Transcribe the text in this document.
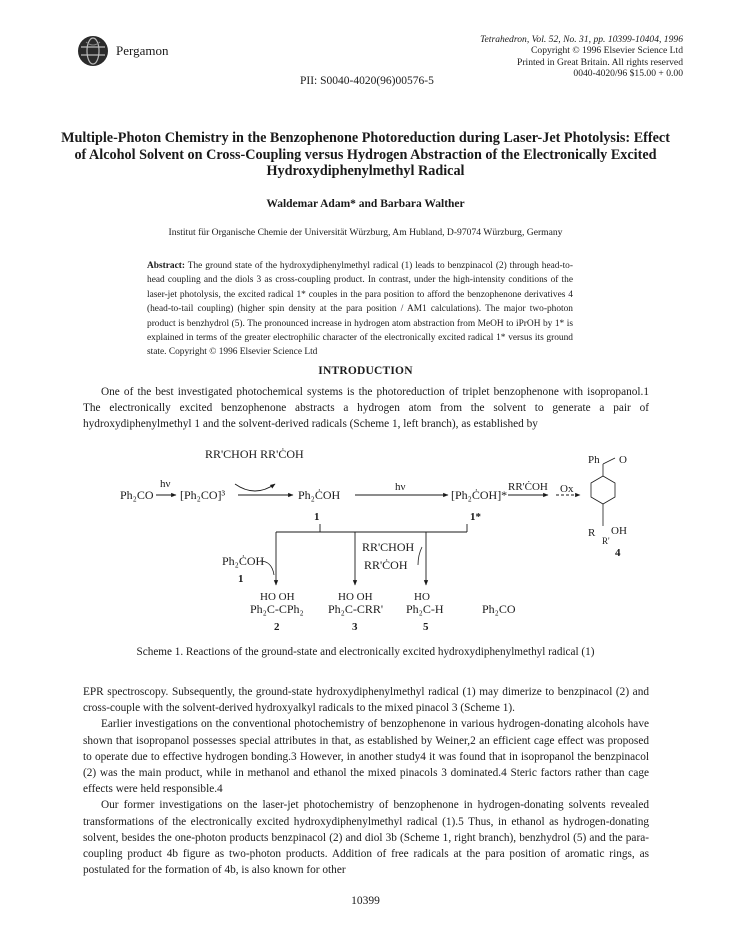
Pergamon
Tetrahedron, Vol. 52, No. 31, pp. 10399-10404, 1996
Copyright © 1996 Elsevier Science Ltd
Printed in Great Britain. All rights reserved
0040-4020/96 $15.00 + 0.00
PII: S0040-4020(96)00576-5
Multiple-Photon Chemistry in the Benzophenone Photoreduction during Laser-Jet Photolysis: Effect of Alcohol Solvent on Cross-Coupling versus Hydrogen Abstraction of the Electronically Excited Hydroxydiphenylmethyl Radical
Waldemar Adam* and Barbara Walther
Institut für Organische Chemie der Universität Würzburg, Am Hubland, D-97074 Würzburg, Germany
Abstract: The ground state of the hydroxydiphenylmethyl radical (1) leads to benzpinacol (2) through head-to-head coupling and the diols 3 as cross-coupling product. In contrast, under the high-intensity conditions of the laser-jet photolysis, the excited radical 1* couples in the para position to afford the benzophenone derivatives 4 (head-to-tail coupling) (higher spin density at the para position / AM1 calculations). The major two-photon product is benzhydrol (5). The pronounced increase in hydrogen atom abstraction from MeOH to iPrOH by 1* is explained in terms of the greater electrophilic character of the electronically excited radical 1* versus its ground state. Copyright © 1996 Elsevier Science Ltd
INTRODUCTION

One of the best investigated photochemical systems is the photoreduction of triplet benzophenone with isopropanol.1 The electronically excited benzophenone abstracts a hydrogen atom from the solvent to generate a pair of hydroxydiphenylmethyl 1 and the solvent-derived radicals (Scheme 1, left branch), as established by

RR'CHOH RR'ĊOH
Ph₂CO
hν
[Ph₂CO]³	Ph₂ĊOH
1
hν
[Ph₂ĊOH]*
1*
RR'ĊOH Ox
Ph O
R
R'
OH
4
Ph₂ĊOH
1
RR'CHOH
RR'ĊOH
HO OH
Ph₂C-CPh₂
2
HO OH
Ph₂C-CRR'
3
HO
Ph₂C-H
5
Ph₂CO
Scheme 1. Reactions of the ground-state and electronically excited hydroxydiphenylmethyl radical (1)

EPR spectroscopy. Subsequently, the ground-state hydroxydiphenylmethyl radical (1) may dimerize to benzpinacol (2) and cross-couple with the solvent-derived hydroxyalkyl radicals to the mixed pinacol 3 (Scheme 1).

Earlier investigations on the conventional photochemistry of benzophenone in various hydrogen-donating alcohols have shown that isopropanol possesses special attributes in that, as established by Weiner,2 an efficient cage effect was proposed to operate due to effective hydrogen bonding.3 However, in another study4 it was found that in isopropanol the benzpinacol (2) was the main product, while in methanol and ethanol the mixed pinacols 3 dominated.4 Steric factors rather than cage effects were held responsible.4

Our former investigations on the laser-jet photochemistry of benzophenone in hydrogen-donating solvents revealed transformations of the electronically excited hydroxydiphenylmethyl radical (1).5 Thus, in ethanol as hydrogen-donating solvent, besides the one-photon products benzpinacol (2) and diol 3b (Scheme 1, right branch), benzhydrol (5) and the para-coupling product 4b figure as two-photon products. Addition of free radicals at the para position of aromatic rings, as postulated for the formation of 4b, is also known for other

10399
